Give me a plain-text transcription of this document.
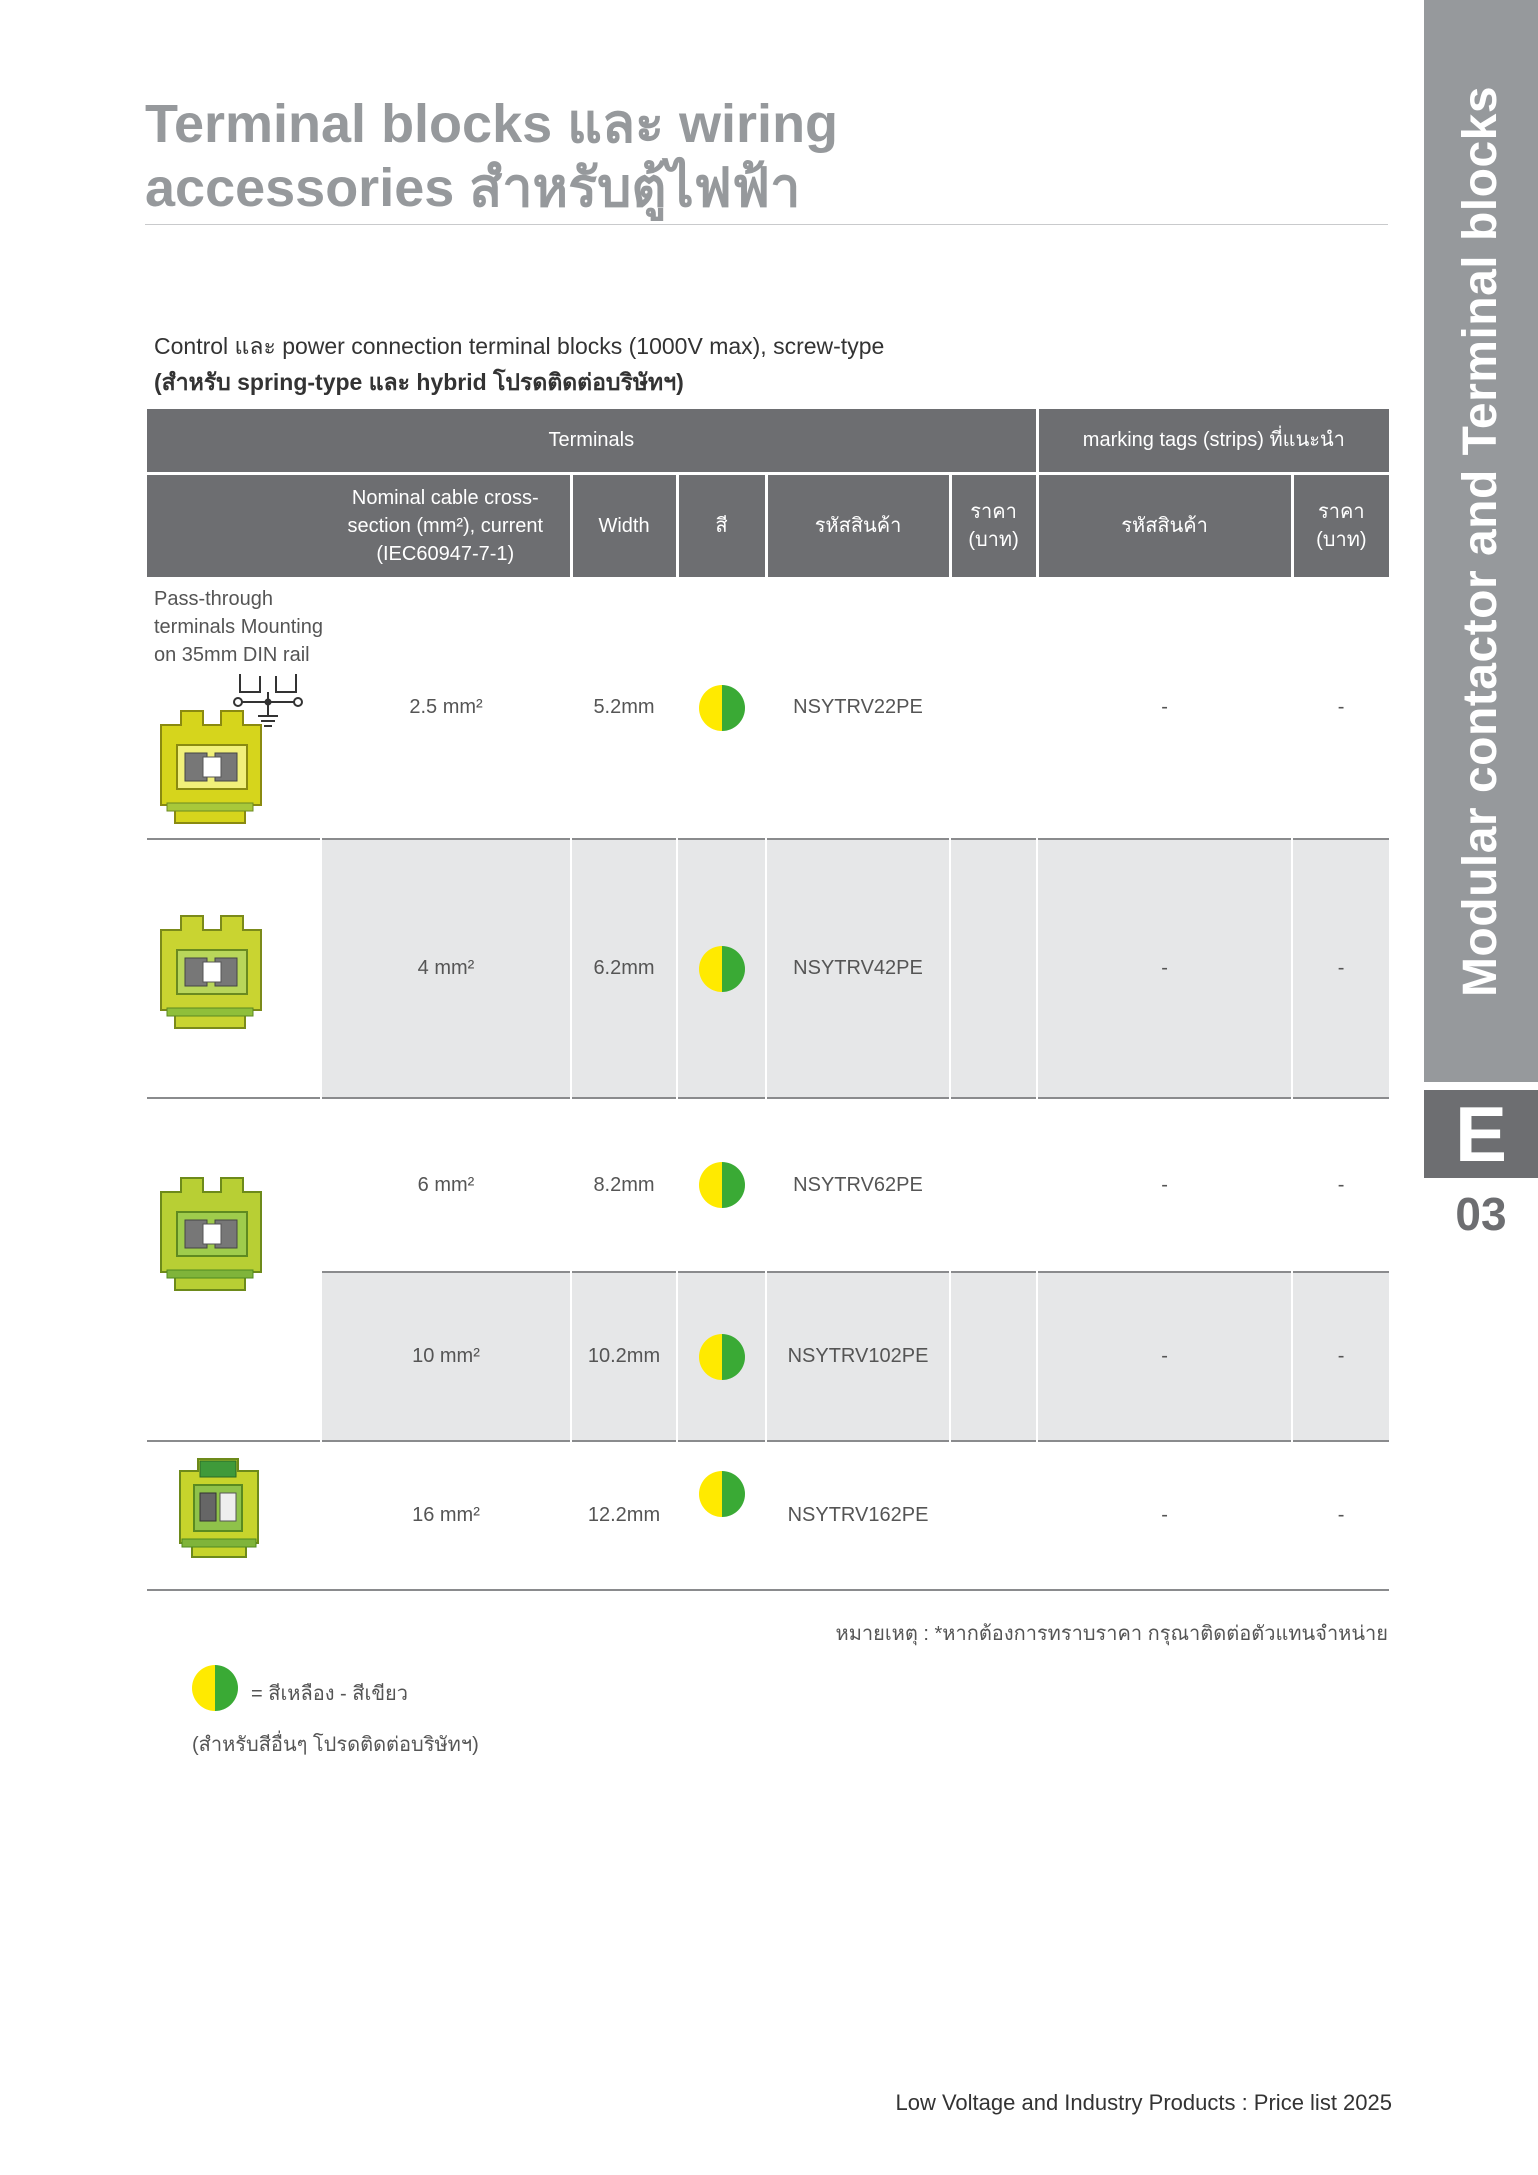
Modular contactor and Terminal blocks
E
03
Terminal blocks และ wiring
accessories สำหรับตู้ไฟฟ้า
Control และ power connection terminal blocks (1000V max), screw-type
(สำหรับ spring-type และ hybrid โปรดติดต่อบริษัทฯ)
Terminals						marking tags (strips) ที่แนะนำ	
Nominal cable cross-section (mm²), current (IEC60947-7-1)		Width	สี	รหัสสินค้า	ราคา (บาท)	รหัสสินค้า	ราคา (บาท)

Pass-through terminals Mounting on 35mm DIN rail	2.5 mm²	5.2mm		NSYTRV22PE		-	-
	4 mm²	6.2mm		NSYTRV42PE		-	-
	6 mm²	8.2mm		NSYTRV62PE		-	-
	10 mm²	10.2mm		NSYTRV102PE		-	-
	16 mm²	12.2mm		NSYTRV162PE		-	-
หมายเหตุ : *หากต้องการทราบราคา กรุณาติดต่อตัวแทนจำหน่าย
= สีเหลือง - สีเขียว
(สำหรับสีอื่นๆ โปรดติดต่อบริษัทฯ)
Low Voltage and Industry Products : Price list 2025
